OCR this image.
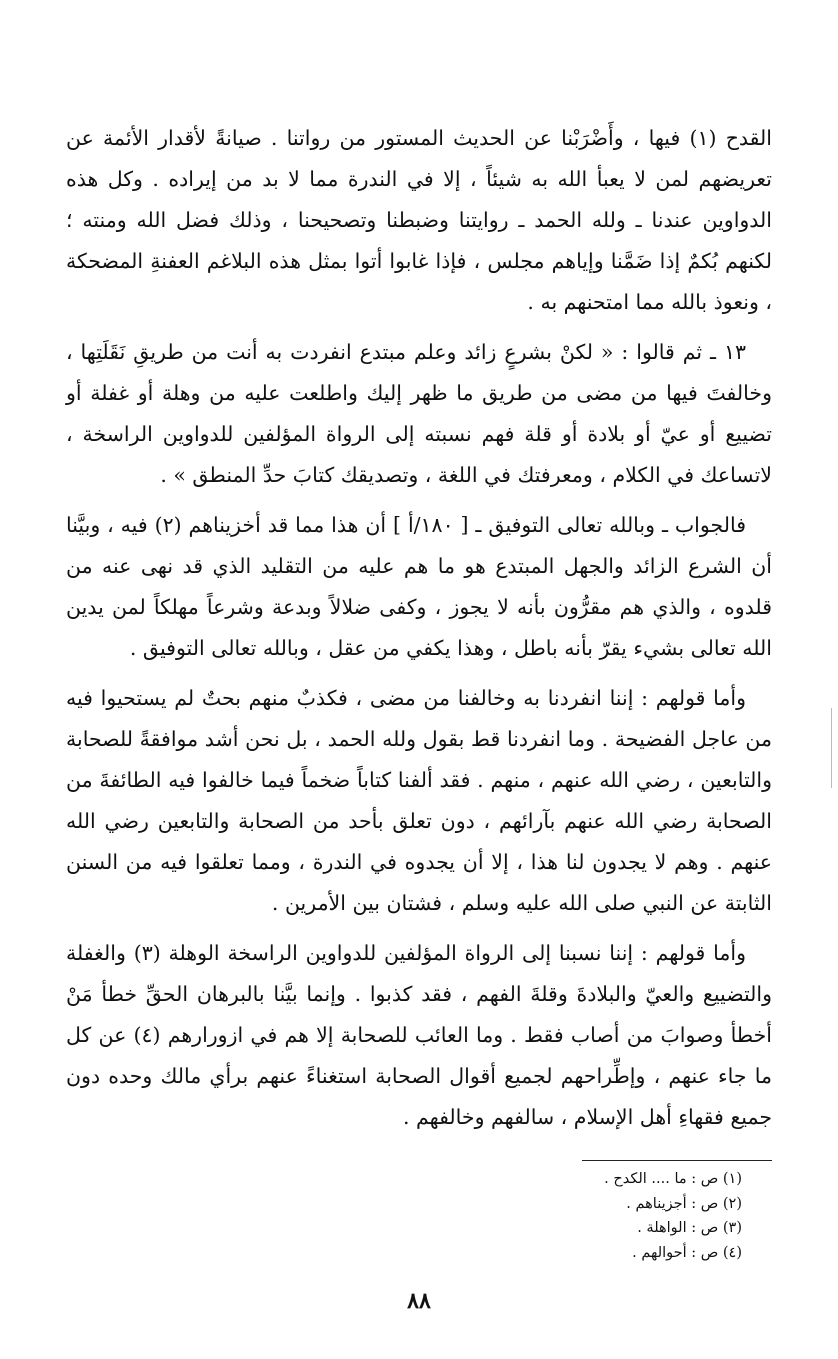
القدح (١) فيها ، وأَضْرَبْنا عن الحديث المستور من رواتنا . صيانةً لأقدار الأئمة عن تعريضهم لمن لا يعبأ الله به شيئاً ، إلا في الندرة مما لا بد من إيراده . وكل هذه الدواوين عندنا ـ ولله الحمد ـ روايتنا وضبطنا وتصحيحنا ، وذلك فضل الله ومنته ؛ لكنهم بُكمٌ إذا ضَمَّنا وإياهم مجلس ، فإذا غابوا أتوا بمثل هذه البلاغم العفنةِ المضحكة ، ونعوذ بالله مما امتحنهم به .

١٣ ـ ثم قالوا : « لكنْ بشرعٍ زائد وعلم مبتدع انفردت به أنت من طريقِ نَقَلَتِها ، وخالفتَ فيها من مضى من طريق ما ظهر إليك واطلعت عليه من وهلة أو غفلة أو تضييع أو عيّ أو بلادة أو قلة فهم نسبته إلى الرواة المؤلفين للدواوين الراسخة ، لاتساعك في الكلام ، ومعرفتك في اللغة ، وتصديقك كتابَ حدِّ المنطق » .

فالجواب ـ وبالله تعالى التوفيق ـ [ ١٨٠/أ ] أن هذا مما قد أخزيناهم (٢) فيه ، وبيَّنا أن الشرع الزائد والجهل المبتدع هو ما هم عليه من التقليد الذي قد نهى عنه من قلدوه ، والذي هم مقرُّون بأنه لا يجوز ، وكفى ضلالاً وبدعة وشرعاً مهلكاً لمن يدين الله تعالى بشيء يقرّ بأنه باطل ، وهذا يكفي من عقل ، وبالله تعالى التوفيق .

وأما قولهم : إننا انفردنا به وخالفنا من مضى ، فكذبٌ منهم بحتٌ لم يستحيوا فيه من عاجل الفضيحة . وما انفردنا قط بقول ولله الحمد ، بل نحن أشد موافقةً للصحابة والتابعين ، رضي الله عنهم ، منهم . فقد ألفنا كتاباً ضخماً فيما خالفوا فيه الطائفةَ من الصحابة رضي الله عنهم بآرائهم ، دون تعلق بأحد من الصحابة والتابعين رضي الله عنهم . وهم لا يجدون لنا هذا ، إلا أن يجدوه في الندرة ، ومما تعلقوا فيه من السنن الثابتة عن النبي صلى الله عليه وسلم ، فشتان بين الأمرين .

وأما قولهم : إننا نسبنا إلى الرواة المؤلفين للدواوين الراسخة الوهلة (٣) والغفلة والتضييع والعيّ والبلادةَ وقلةَ الفهم ، فقد كذبوا . وإنما بيَّنا بالبرهان الحقِّ خطأ مَنْ أخطأ وصوابَ من أصاب فقط . وما العائب للصحابة إلا هم في ازورارهم (٤) عن كل ما جاء عنهم ، وإطِّراحهم لجميع أقوال الصحابة استغناءً عنهم برأي مالك وحده دون جميع فقهاءِ أهل الإسلام ، سالفهم وخالفهم .

(١) ص : ما .... الكدح .
(٢) ص : أجزيناهم .
(٣) ص : الواهلة .
(٤) ص : أحوالهم .
٨٨
